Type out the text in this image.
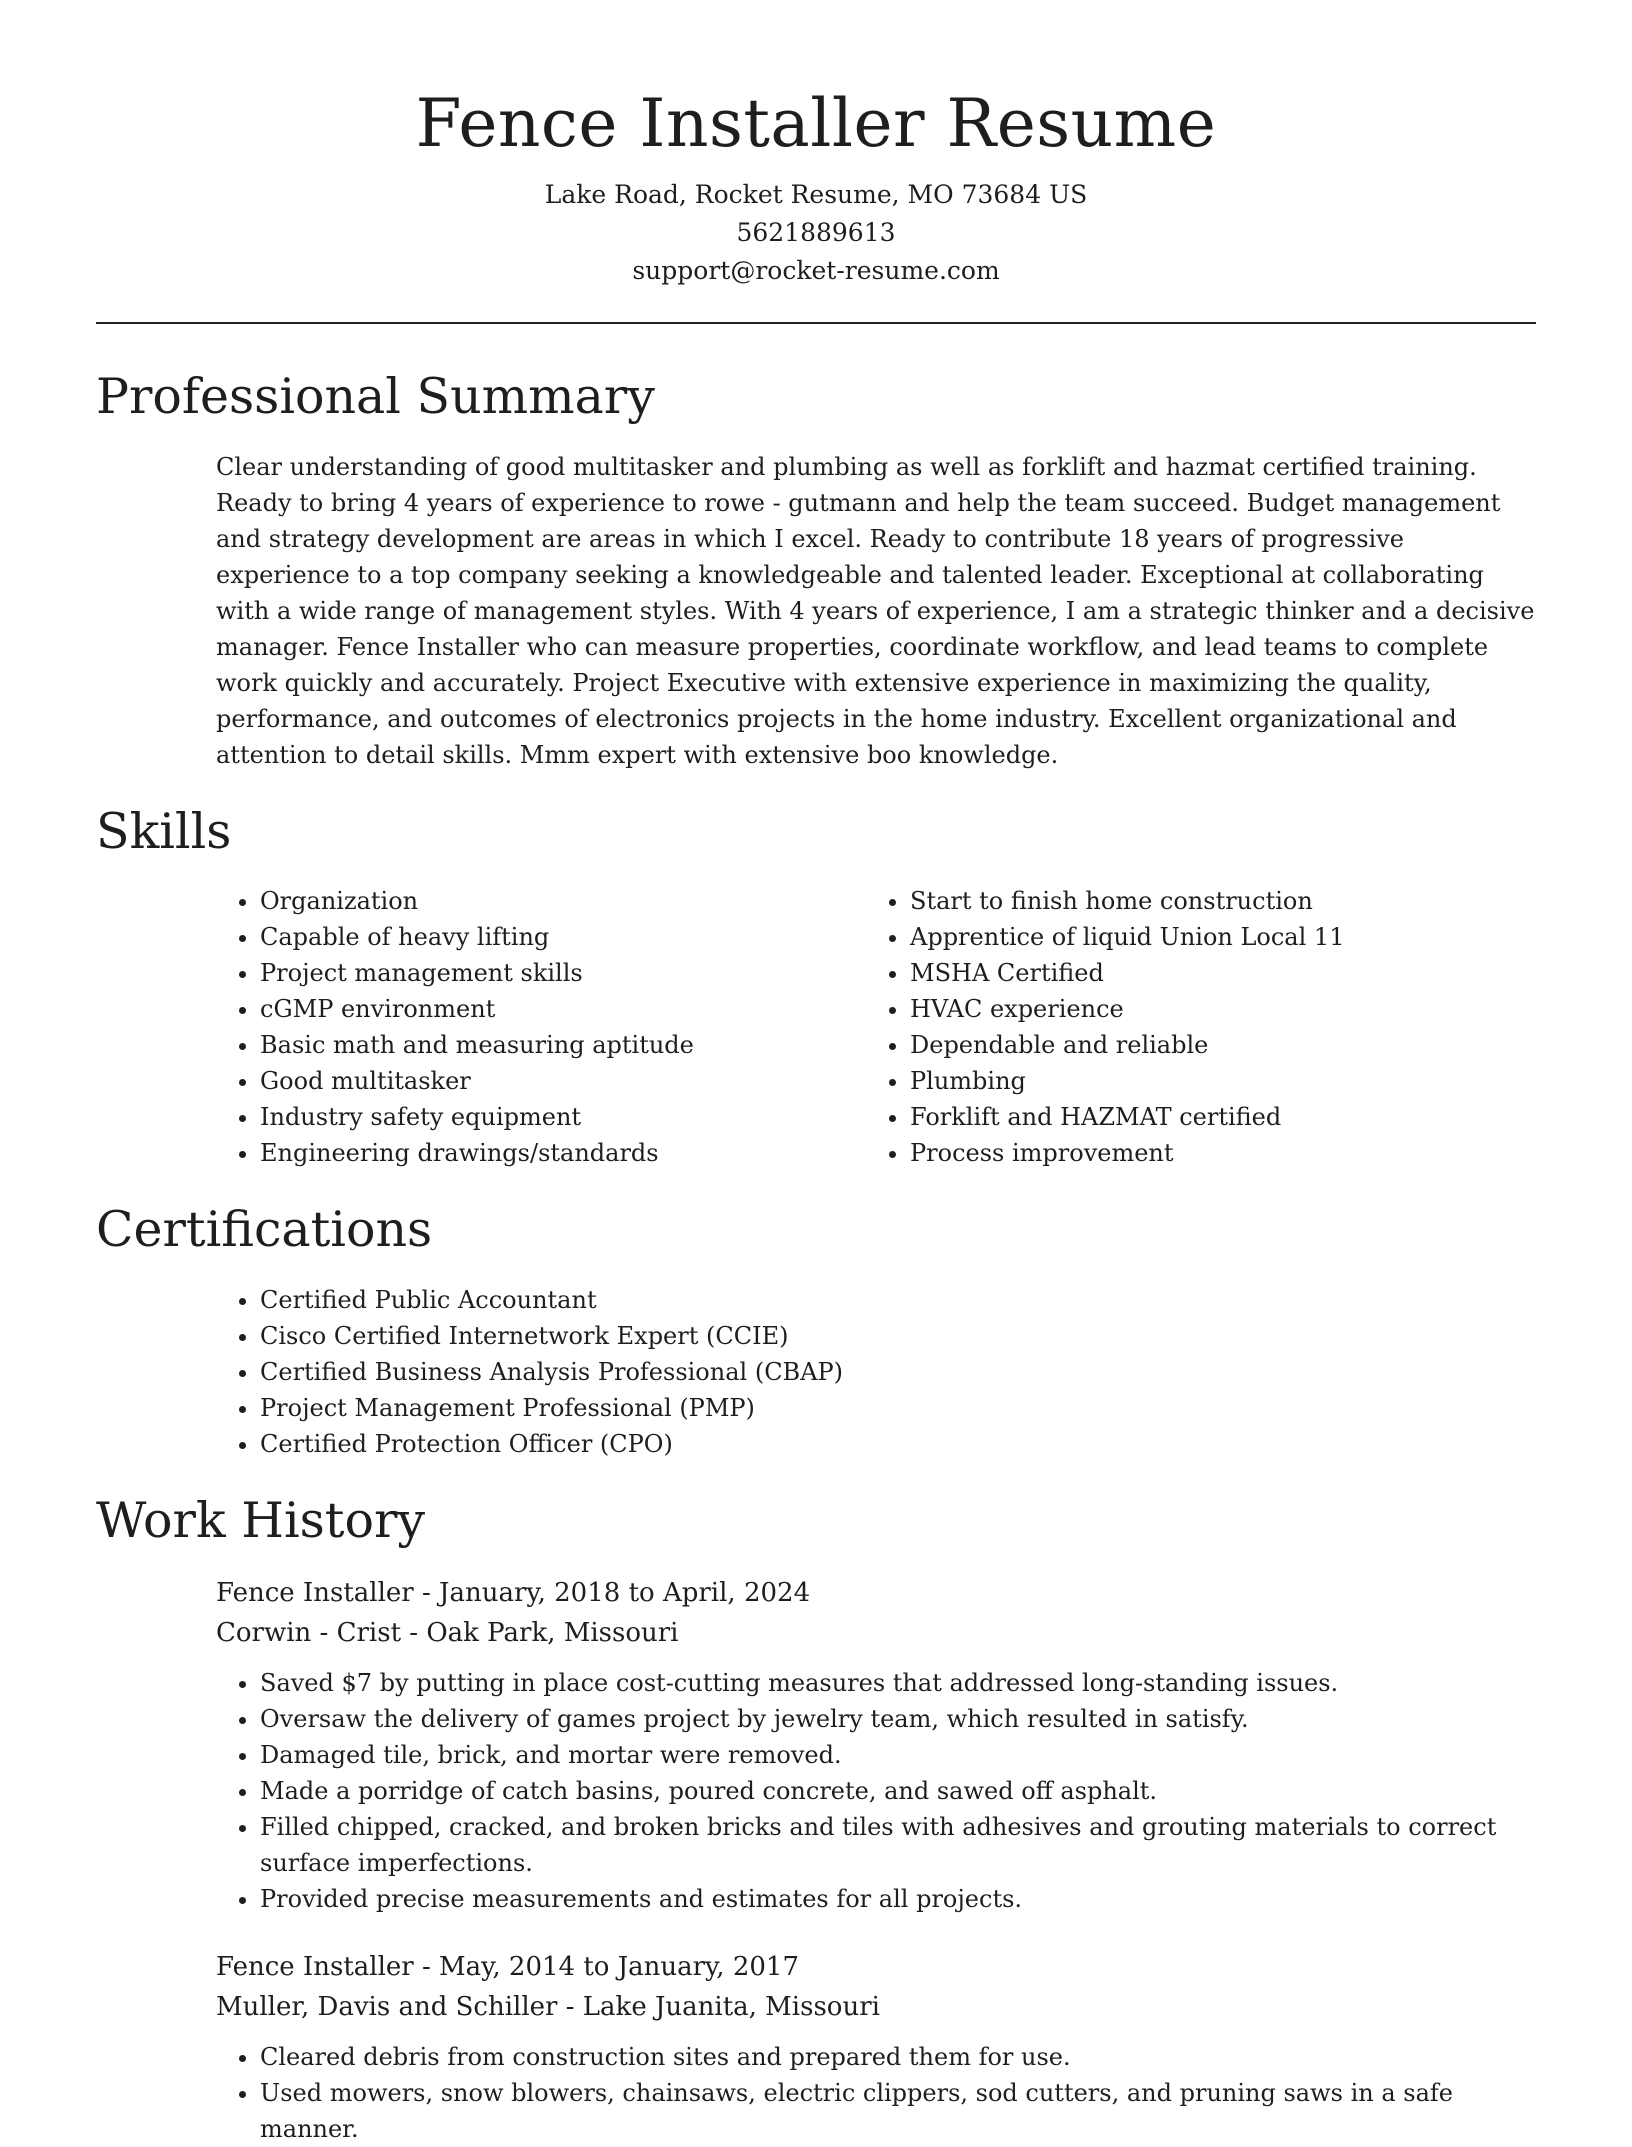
Fence Installer Resume
Lake Road, Rocket Resume, MO 73684 US
5621889613
support@rocket-resume.com
Professional Summary
Clear understanding of good multitasker and plumbing as well as forklift and hazmat certified training. Ready to bring 4 years of experience to rowe - gutmann and help the team succeed. Budget management and strategy development are areas in which I excel. Ready to contribute 18 years of progressive experience to a top company seeking a knowledgeable and talented leader. Exceptional at collaborating with a wide range of management styles. With 4 years of experience, I am a strategic thinker and a decisive manager. Fence Installer who can measure properties, coordinate workflow, and lead teams to complete work quickly and accurately. Project Executive with extensive experience in maximizing the quality, performance, and outcomes of electronics projects in the home industry. Excellent organizational and attention to detail skills. Mmm expert with extensive boo knowledge.
Skills
• Organization
• Capable of heavy lifting
• Project management skills
• cGMP environment
• Basic math and measuring aptitude
• Good multitasker
• Industry safety equipment
• Engineering drawings/standards
• Start to finish home construction
• Apprentice of liquid Union Local 11
• MSHA Certified
• HVAC experience
• Dependable and reliable
• Plumbing
• Forklift and HAZMAT certified
• Process improvement
Certifications
• Certified Public Accountant
• Cisco Certified Internetwork Expert (CCIE)
• Certified Business Analysis Professional (CBAP)
• Project Management Professional (PMP)
• Certified Protection Officer (CPO)
Work History
Fence Installer - January, 2018 to April, 2024
Corwin - Crist - Oak Park, Missouri
• Saved $7 by putting in place cost-cutting measures that addressed long-standing issues.
• Oversaw the delivery of games project by jewelry team, which resulted in satisfy.
• Damaged tile, brick, and mortar were removed.
• Made a porridge of catch basins, poured concrete, and sawed off asphalt.
• Filled chipped, cracked, and broken bricks and tiles with adhesives and grouting materials to correct surface imperfections.
• Provided precise measurements and estimates for all projects.
Fence Installer - May, 2014 to January, 2017
Muller, Davis and Schiller - Lake Juanita, Missouri
• Cleared debris from construction sites and prepared them for use.
• Used mowers, snow blowers, chainsaws, electric clippers, sod cutters, and pruning saws in a safe manner.
